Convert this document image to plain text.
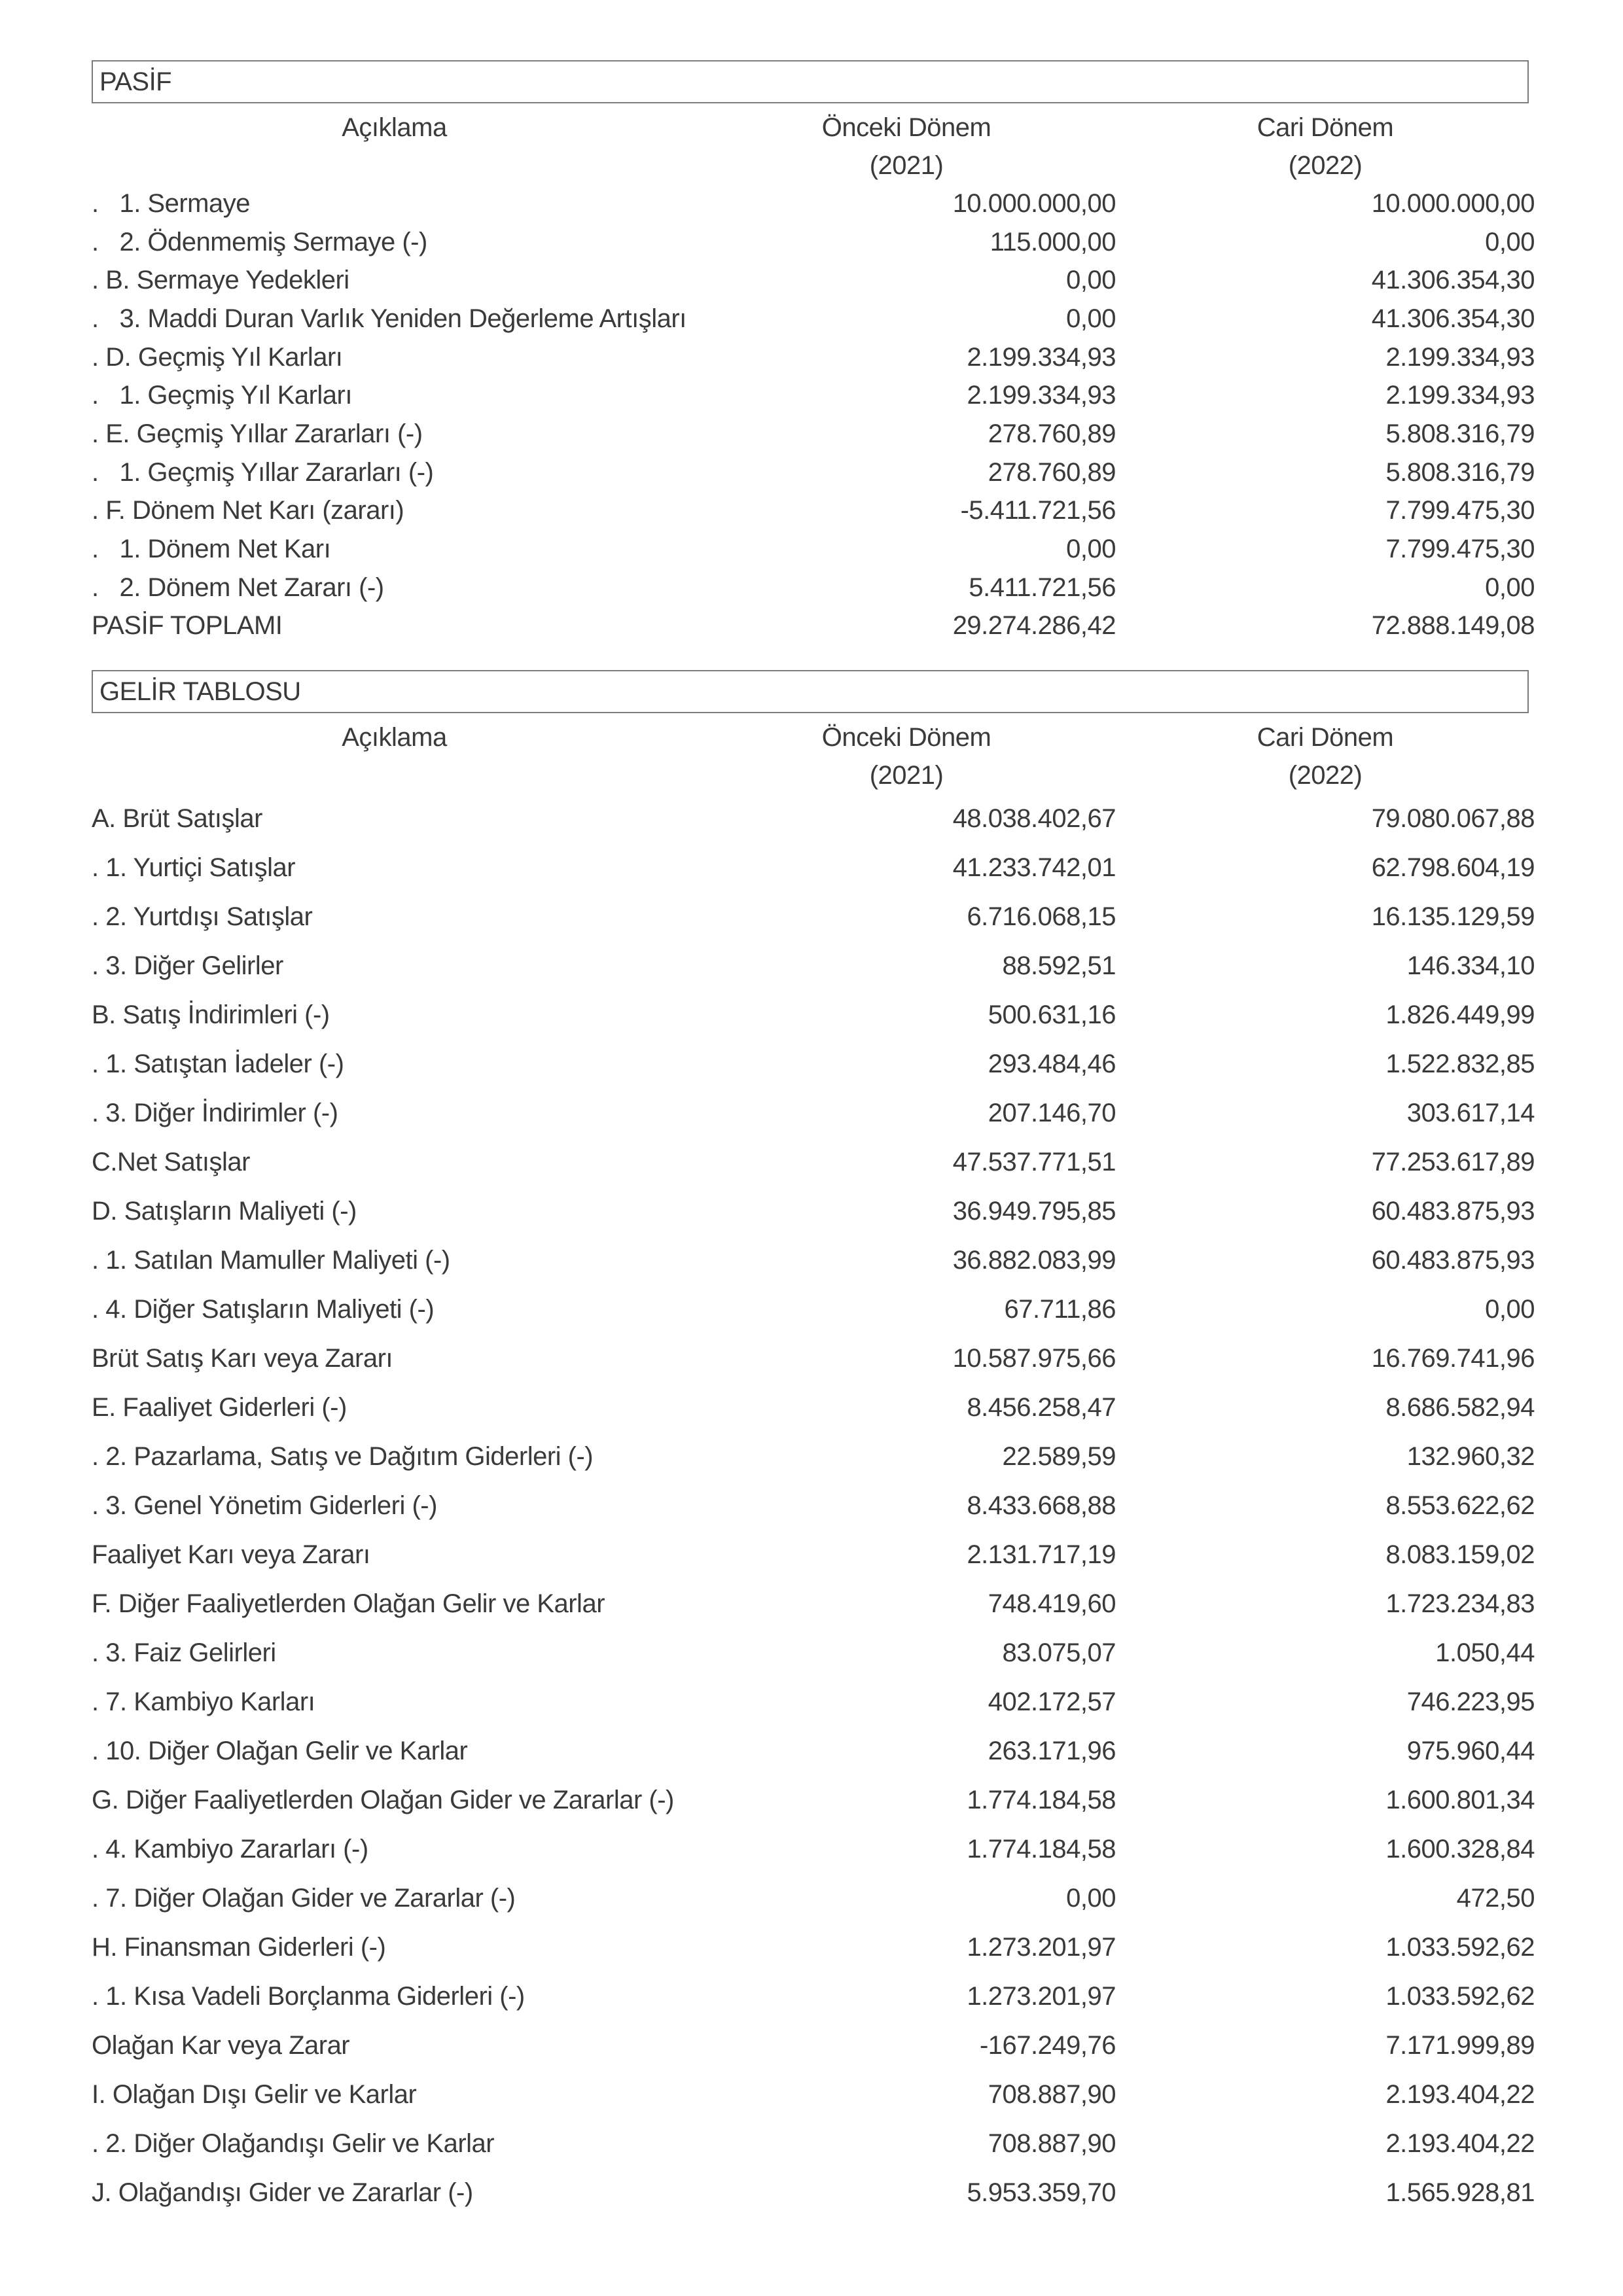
PASİF
Açıklama	Önceki Dönem	Cari Dönem
(2021)	(2022)
.   1. Sermaye	10.000.000,00	10.000.000,00
.   2. Ödenmemiş Sermaye (-)	115.000,00	0,00
. B. Sermaye Yedekleri	0,00	41.306.354,30
.   3. Maddi Duran Varlık Yeniden Değerleme Artışları	0,00	41.306.354,30
. D. Geçmiş Yıl Karları	2.199.334,93	2.199.334,93
.   1. Geçmiş Yıl Karları	2.199.334,93	2.199.334,93
. E. Geçmiş Yıllar Zararları (-)	278.760,89	5.808.316,79
.   1. Geçmiş Yıllar Zararları (-)	278.760,89	5.808.316,79
. F. Dönem Net Karı (zararı)	-5.411.721,56	7.799.475,30
.   1. Dönem Net Karı	0,00	7.799.475,30
.   2. Dönem Net Zararı (-)	5.411.721,56	0,00
PASİF TOPLAMI	29.274.286,42	72.888.149,08
GELİR TABLOSU
Açıklama	Önceki Dönem	Cari Dönem
(2021)	(2022)
A. Brüt Satışlar	48.038.402,67	79.080.067,88
. 1. Yurtiçi Satışlar	41.233.742,01	62.798.604,19
. 2. Yurtdışı Satışlar	6.716.068,15	16.135.129,59
. 3. Diğer Gelirler	88.592,51	146.334,10
B. Satış İndirimleri (-)	500.631,16	1.826.449,99
. 1. Satıştan İadeler (-)	293.484,46	1.522.832,85
. 3. Diğer İndirimler (-)	207.146,70	303.617,14
C.Net Satışlar	47.537.771,51	77.253.617,89
D. Satışların Maliyeti (-)	36.949.795,85	60.483.875,93
. 1. Satılan Mamuller Maliyeti (-)	36.882.083,99	60.483.875,93
. 4. Diğer Satışların Maliyeti (-)	67.711,86	0,00
Brüt Satış Karı veya Zararı	10.587.975,66	16.769.741,96
E. Faaliyet Giderleri (-)	8.456.258,47	8.686.582,94
. 2. Pazarlama, Satış ve Dağıtım Giderleri (-)	22.589,59	132.960,32
. 3. Genel Yönetim Giderleri (-)	8.433.668,88	8.553.622,62
Faaliyet Karı veya Zararı	2.131.717,19	8.083.159,02
F. Diğer Faaliyetlerden Olağan Gelir ve Karlar	748.419,60	1.723.234,83
. 3. Faiz Gelirleri	83.075,07	1.050,44
. 7. Kambiyo Karları	402.172,57	746.223,95
. 10. Diğer Olağan Gelir ve Karlar	263.171,96	975.960,44
G. Diğer Faaliyetlerden Olağan Gider ve Zararlar (-)	1.774.184,58	1.600.801,34
. 4. Kambiyo Zararları (-)	1.774.184,58	1.600.328,84
. 7. Diğer Olağan Gider ve Zararlar (-)	0,00	472,50
H. Finansman Giderleri (-)	1.273.201,97	1.033.592,62
. 1. Kısa Vadeli Borçlanma Giderleri (-)	1.273.201,97	1.033.592,62
Olağan Kar veya Zarar	-167.249,76	7.171.999,89
I. Olağan Dışı Gelir ve Karlar	708.887,90	2.193.404,22
. 2. Diğer Olağandışı Gelir ve Karlar	708.887,90	2.193.404,22
J. Olağandışı Gider ve Zararlar (-)	5.953.359,70	1.565.928,81
